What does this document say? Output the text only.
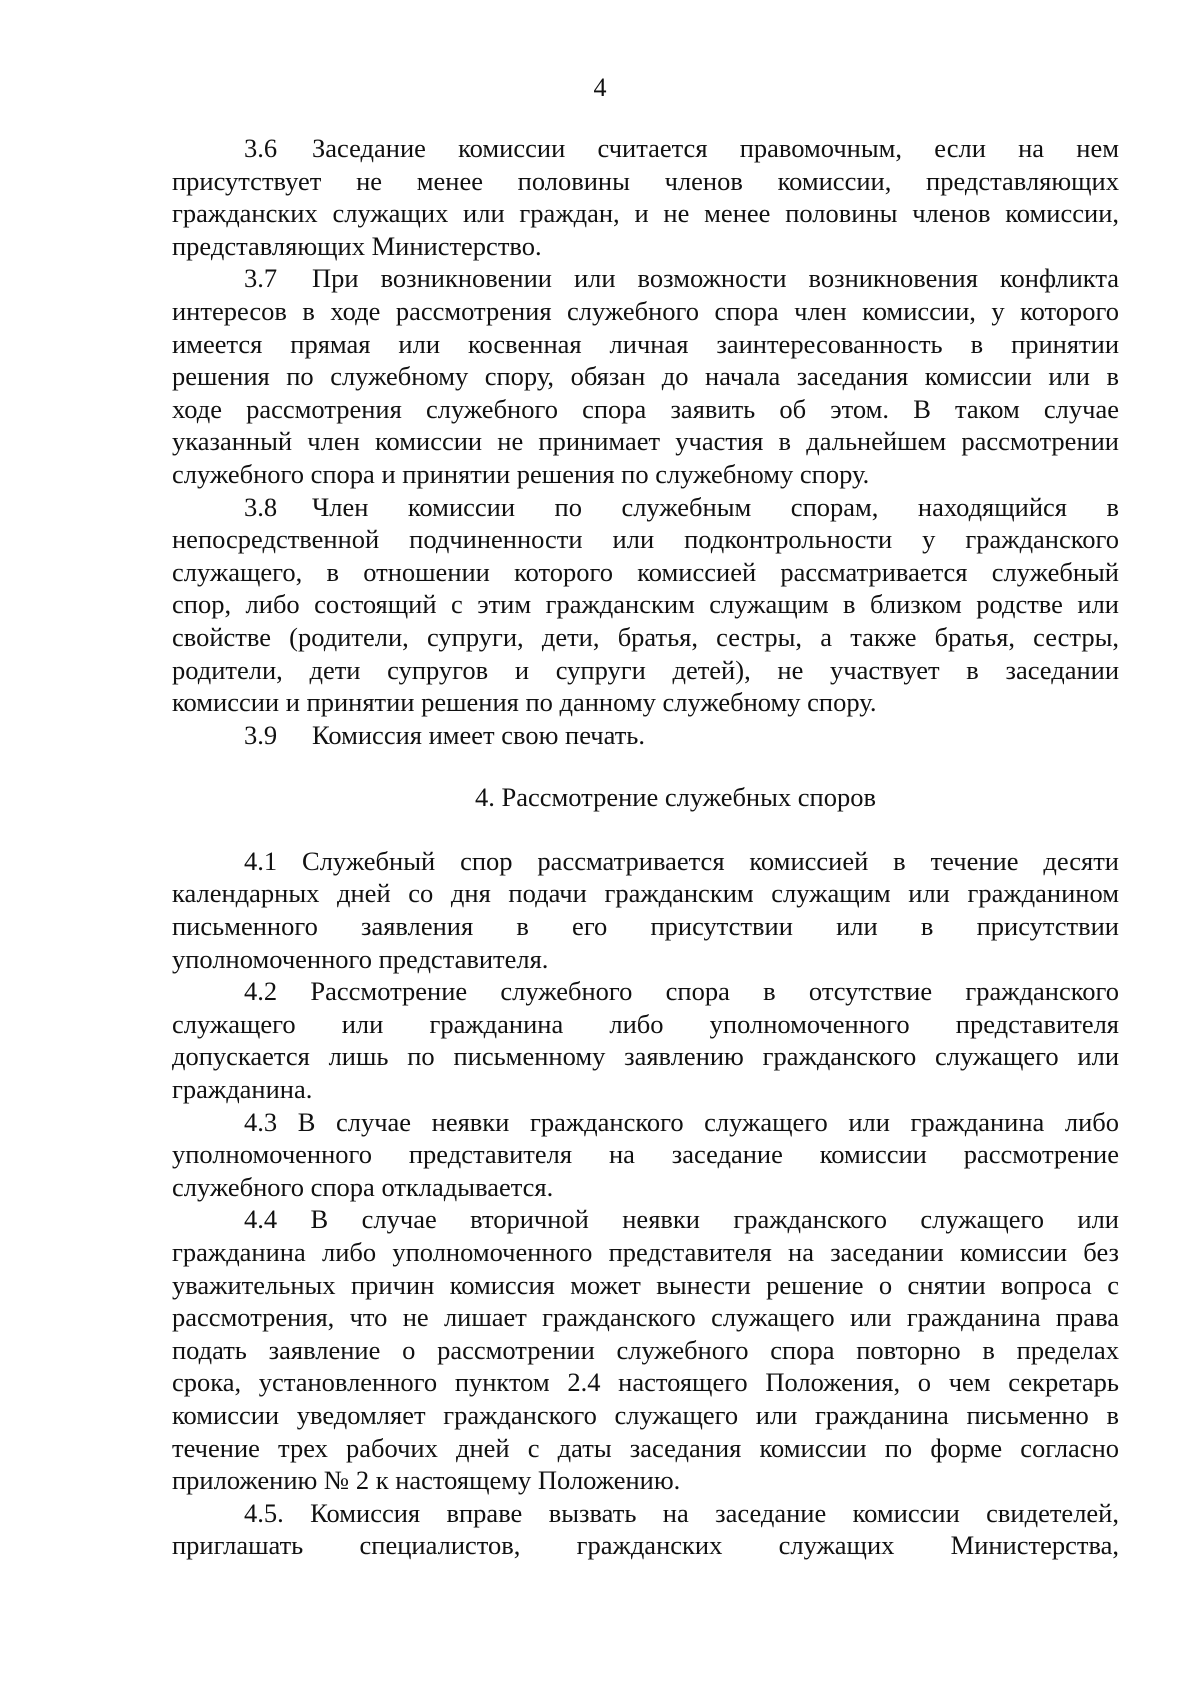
4
3.6 Заседание комиссии считается правомочным, если на нем
присутствует не менее половины членов комиссии, представляющих
гражданских служащих или граждан, и не менее половины членов комиссии,
представляющих Министерство.
3.7 При возникновении или возможности возникновения конфликта
интересов в ходе рассмотрения служебного спора член комиссии, у которого
имеется прямая или косвенная личная заинтересованность в принятии
решения по служебному спору, обязан до начала заседания комиссии или в
ходе рассмотрения служебного спора заявить об этом. В таком случае
указанный член комиссии не принимает участия в дальнейшем рассмотрении
служебного спора и принятии решения по служебному спору.
3.8 Член комиссии по служебным спорам, находящийся в
непосредственной подчиненности или подконтрольности у гражданского
служащего, в отношении которого комиссией рассматривается служебный
спор, либо состоящий с этим гражданским служащим в близком родстве или
свойстве (родители, супруги, дети, братья, сестры, а также братья, сестры,
родители, дети супругов и супруги детей), не участвует в заседании
комиссии и принятии решения по данному служебному спору.
3.9 Комиссия имеет свою печать.
4. Рассмотрение служебных споров
4.1 Служебный спор рассматривается комиссией в течение десяти
календарных дней со дня подачи гражданским служащим или гражданином
письменного заявления в его присутствии или в присутствии
уполномоченного представителя.
4.2 Рассмотрение служебного спора в отсутствие гражданского
служащего или гражданина либо уполномоченного представителя
допускается лишь по письменному заявлению гражданского служащего или
гражданина.
4.3 В случае неявки гражданского служащего или гражданина либо
уполномоченного представителя на заседание комиссии рассмотрение
служебного спора откладывается.
4.4 В случае вторичной неявки гражданского служащего или
гражданина либо уполномоченного представителя на заседании комиссии без
уважительных причин комиссия может вынести решение о снятии вопроса с
рассмотрения, что не лишает гражданского служащего или гражданина права
подать заявление о рассмотрении служебного спора повторно в пределах
срока, установленного пунктом 2.4 настоящего Положения, о чем секретарь
комиссии уведомляет гражданского служащего или гражданина письменно в
течение трех рабочих дней с даты заседания комиссии по форме согласно
приложению № 2 к настоящему Положению.
4.5. Комиссия вправе вызвать на заседание комиссии свидетелей,
приглашать специалистов, гражданских служащих Министерства,
